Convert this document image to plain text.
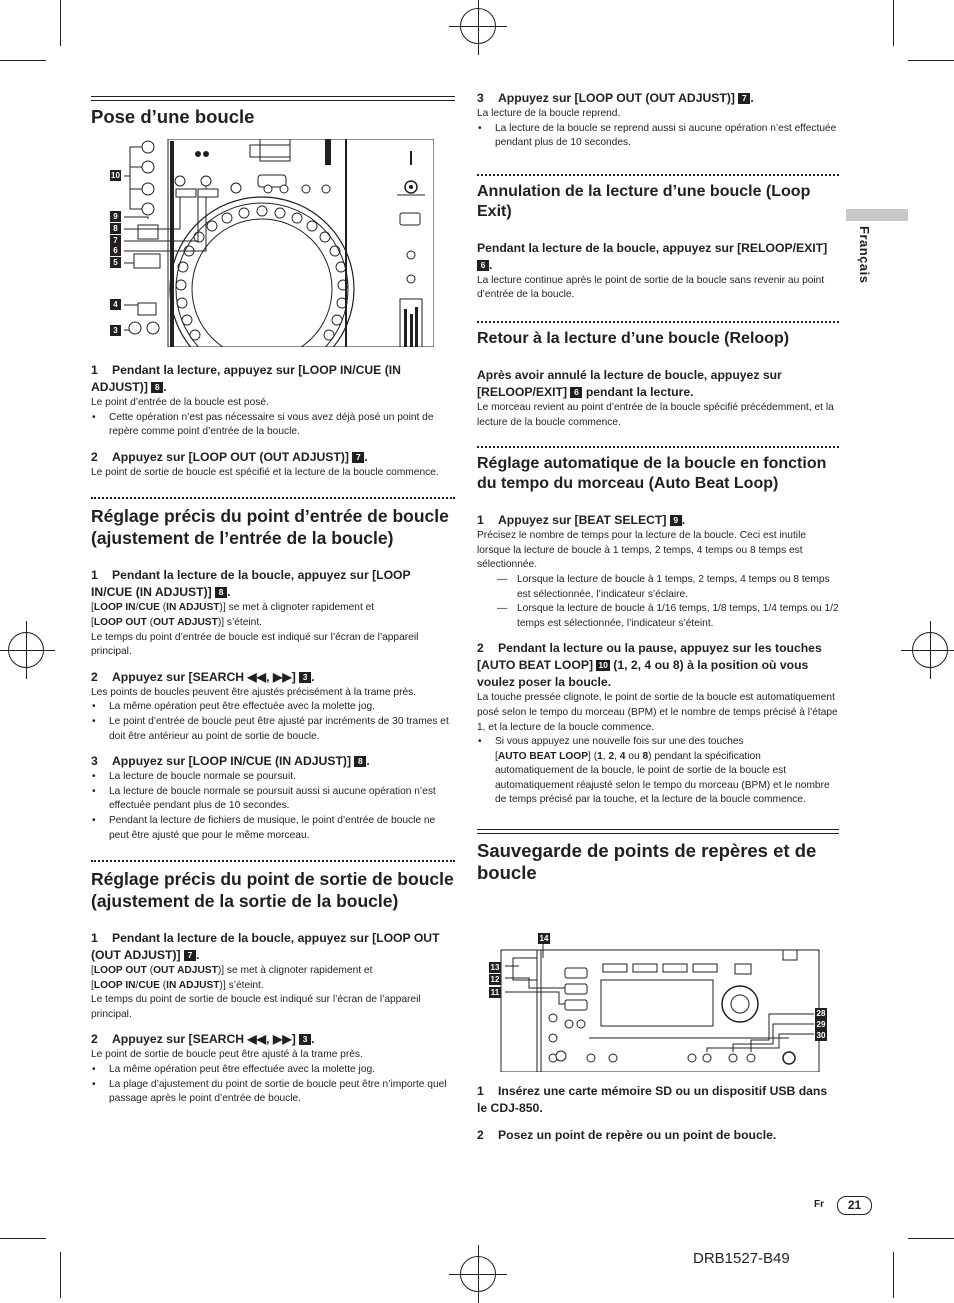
Français
Pose d’une boucle
10
9
8
7
6
5
4
3

1 Pendant la lecture, appuyez sur [LOOP IN/CUE (IN ADJUST)] 8 .

Le point d’entrée de la boucle est posé.

• Cette opération n’est pas nécessaire si vous avez déjà posé un point de repère comme point d’entrée de la boucle.

2 Appuyez sur [LOOP OUT (OUT ADJUST)] 7 .

Le point de sortie de boucle est spécifié et la lecture de la boucle commence.

Réglage précis du point d’entrée de boucle (ajustement de l’entrée de la boucle)

1 Pendant la lecture de la boucle, appuyez sur [LOOP IN/CUE (IN ADJUST)] 8 .

[LOOP IN/CUE (IN ADJUST)] se met à clignoter rapidement et
[LOOP OUT (OUT ADJUST)] s’éteint.

Le temps du point d’entrée de boucle est indiqué sur l’écran de l’appareil principal.

2 Appuyez sur [SEARCH ◀◀, ▶▶] 3 .

Les points de boucles peuvent être ajustés précisément à la trame près.

• La même opération peut être effectuée avec la molette jog.
• Le point d’entrée de boucle peut être ajusté par incréments de 30 trames et doit être antérieur au point de sortie de boucle.

3 Appuyez sur [LOOP IN/CUE (IN ADJUST)] 8 .

• La lecture de boucle normale se poursuit.
• La lecture de boucle normale se poursuit aussi si aucune opération n’est effectuée pendant plus de 10 secondes.
• Pendant la lecture de fichiers de musique, le point d’entrée de boucle ne peut être ajusté que pour le même morceau.
Réglage précis du point de sortie de boucle (ajustement de la sortie de la boucle)

1 Pendant la lecture de la boucle, appuyez sur [LOOP OUT (OUT ADJUST)] 7 .

[LOOP OUT (OUT ADJUST)] se met à clignoter rapidement et
[LOOP IN/CUE (IN ADJUST)] s’éteint.

Le temps du point de sortie de boucle est indiqué sur l’écran de l’appareil principal.

2 Appuyez sur [SEARCH ◀◀, ▶▶] 3 .

Le point de sortie de boucle peut être ajusté à la trame près.

• La même opération peut être effectuée avec la molette jog.
• La plage d’ajustement du point de sortie de boucle peut être n’importe quel passage après le point d’entrée de boucle.

3 Appuyez sur [LOOP OUT (OUT ADJUST)] 7 .

La lecture de la boucle reprend.

• La lecture de la boucle se reprend aussi si aucune opération n’est effectuée pendant plus de 10 secondes.
Annulation de la lecture d’une boucle (Loop Exit)

Pendant la lecture de la boucle, appuyez sur [RELOOP/EXIT] 6 .

La lecture continue après le point de sortie de la boucle sans revenir au point d’entrée de la boucle.

Retour à la lecture d’une boucle (Reloop)

Après avoir annulé la lecture de boucle, appuyez sur [RELOOP/EXIT] 6 pendant la lecture.

Le morceau revient au point d’entrée de la boucle spécifié précédemment, et la lecture de la boucle commence.

Réglage automatique de la boucle en fonction du tempo du morceau (Auto Beat Loop)

1 Appuyez sur [BEAT SELECT] 9 .

Précisez le nombre de temps pour la lecture de la boucle. Ceci est inutile lorsque la lecture de boucle à 1 temps, 2 temps, 4 temps ou 8 temps est sélectionnée.

— Lorsque la lecture de boucle à 1 temps, 2 temps, 4 temps ou 8 temps est sélectionnée, l’indicateur s’éclaire.
— Lorsque la lecture de boucle à 1/16 temps, 1/8 temps, 1/4 temps ou 1/2 temps est sélectionnée, l’indicateur s’éteint.

2 Pendant la lecture ou la pause, appuyez sur les touches [AUTO BEAT LOOP] 10 (1, 2, 4 ou 8) à la position où vous voulez poser la boucle.

La touche pressée clignote, le point de sortie de la boucle est automatiquement posé selon le tempo du morceau (BPM) et le nombre de temps précisé à l’étape 1, et la lecture de la boucle commence.

• Si vous appuyez une nouvelle fois sur une des touches
[AUTO BEAT LOOP] (1, 2, 4 ou 8) pendant la spécification automatiquement de la boucle, le point de sortie de la boucle est automatiquement réajusté selon le tempo du morceau (BPM) et le nombre de temps précisé par la touche, et la lecture de la boucle commence.
Sauvegarde de points de repères et de boucle
14
13
12
11
28
29
30

1 Insérez une carte mémoire SD ou un dispositif USB dans le CDJ-850.

2 Posez un point de repère ou un point de boucle.

Fr	21
DRB1527-B 49
